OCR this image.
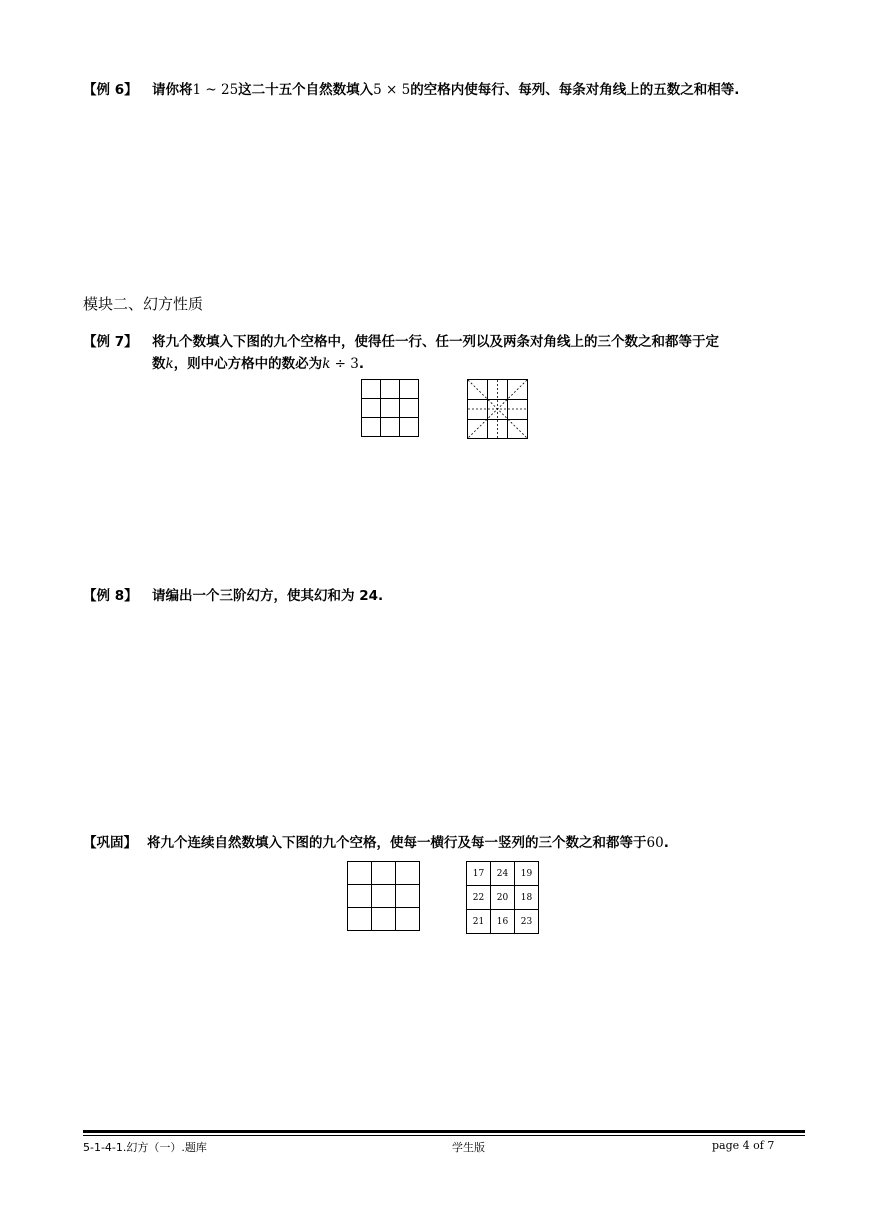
【例 6】 请你将1 ~ 25这二十五个自然数填入5 × 5的空格内使每行、每列、每条对角线上的五数之和相等.
模块二、幻方性质
【例 7】 将九个数填入下图的九个空格中，使得任一行、任一列以及两条对角线上的三个数之和都等于定
数k，则中心方格中的数必为k ÷ 3.

【例 8】 请编出一个三阶幻方，使其幻和为 24.
【巩固】 将九个连续自然数填入下图的九个空格，使每一横行及每一竖列的三个数之和都等于60.

17	24	19
22	20	18
21	16	23
5-1-4-1.幻方（一）.题库	学生版	page 4 of 7
